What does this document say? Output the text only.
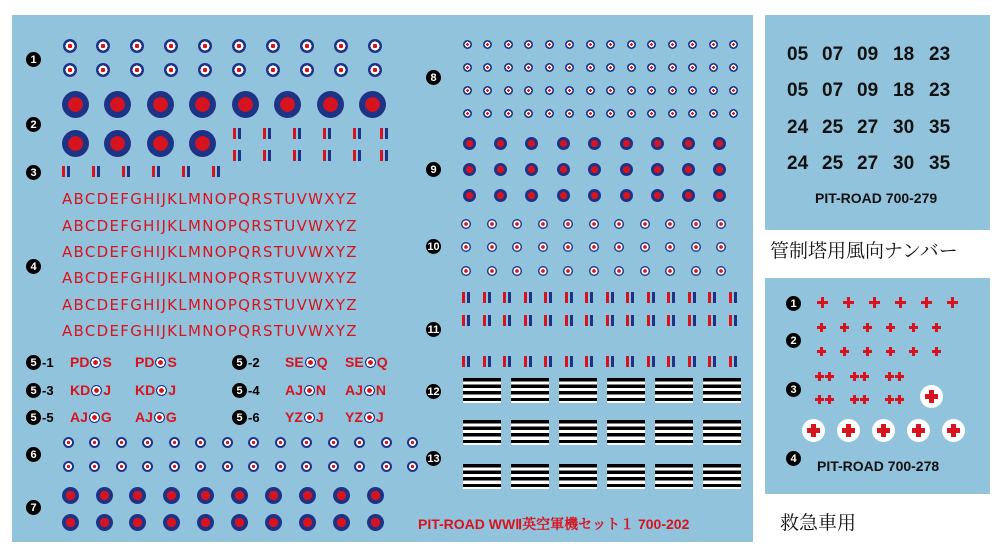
1
2
3
4
6
7
8
9
10
11
12
13
ABCDEFGHIJKLMNOPQRSTUVWXYZ
ABCDEFGHIJKLMNOPQRSTUVWXYZ
ABCDEFGHIJKLMNOPQRSTUVWXYZ
ABCDEFGHIJKLMNOPQRSTUVWXYZ
ABCDEFGHIJKLMNOPQRSTUVWXYZ
ABCDEFGHIJKLMNOPQRSTUVWXYZ
5 -1 PD S PD S	5 -2 SE Q SE Q
5 -3 KD J KD J	5 -4 AJ N AJ N
5 -5 AJ G AJ G	5 -6 YZ J YZ J
1
2
3
4
PIT-ROAD WWⅡ英空軍機セット１ 700-202
05 07 09 18 23
05 07 09 18 23
24 25 27 30 35
24 25 27 30 35
PIT-ROAD 700-279
管制塔用風向ナンバー
PIT-ROAD 700-278
救急車用
